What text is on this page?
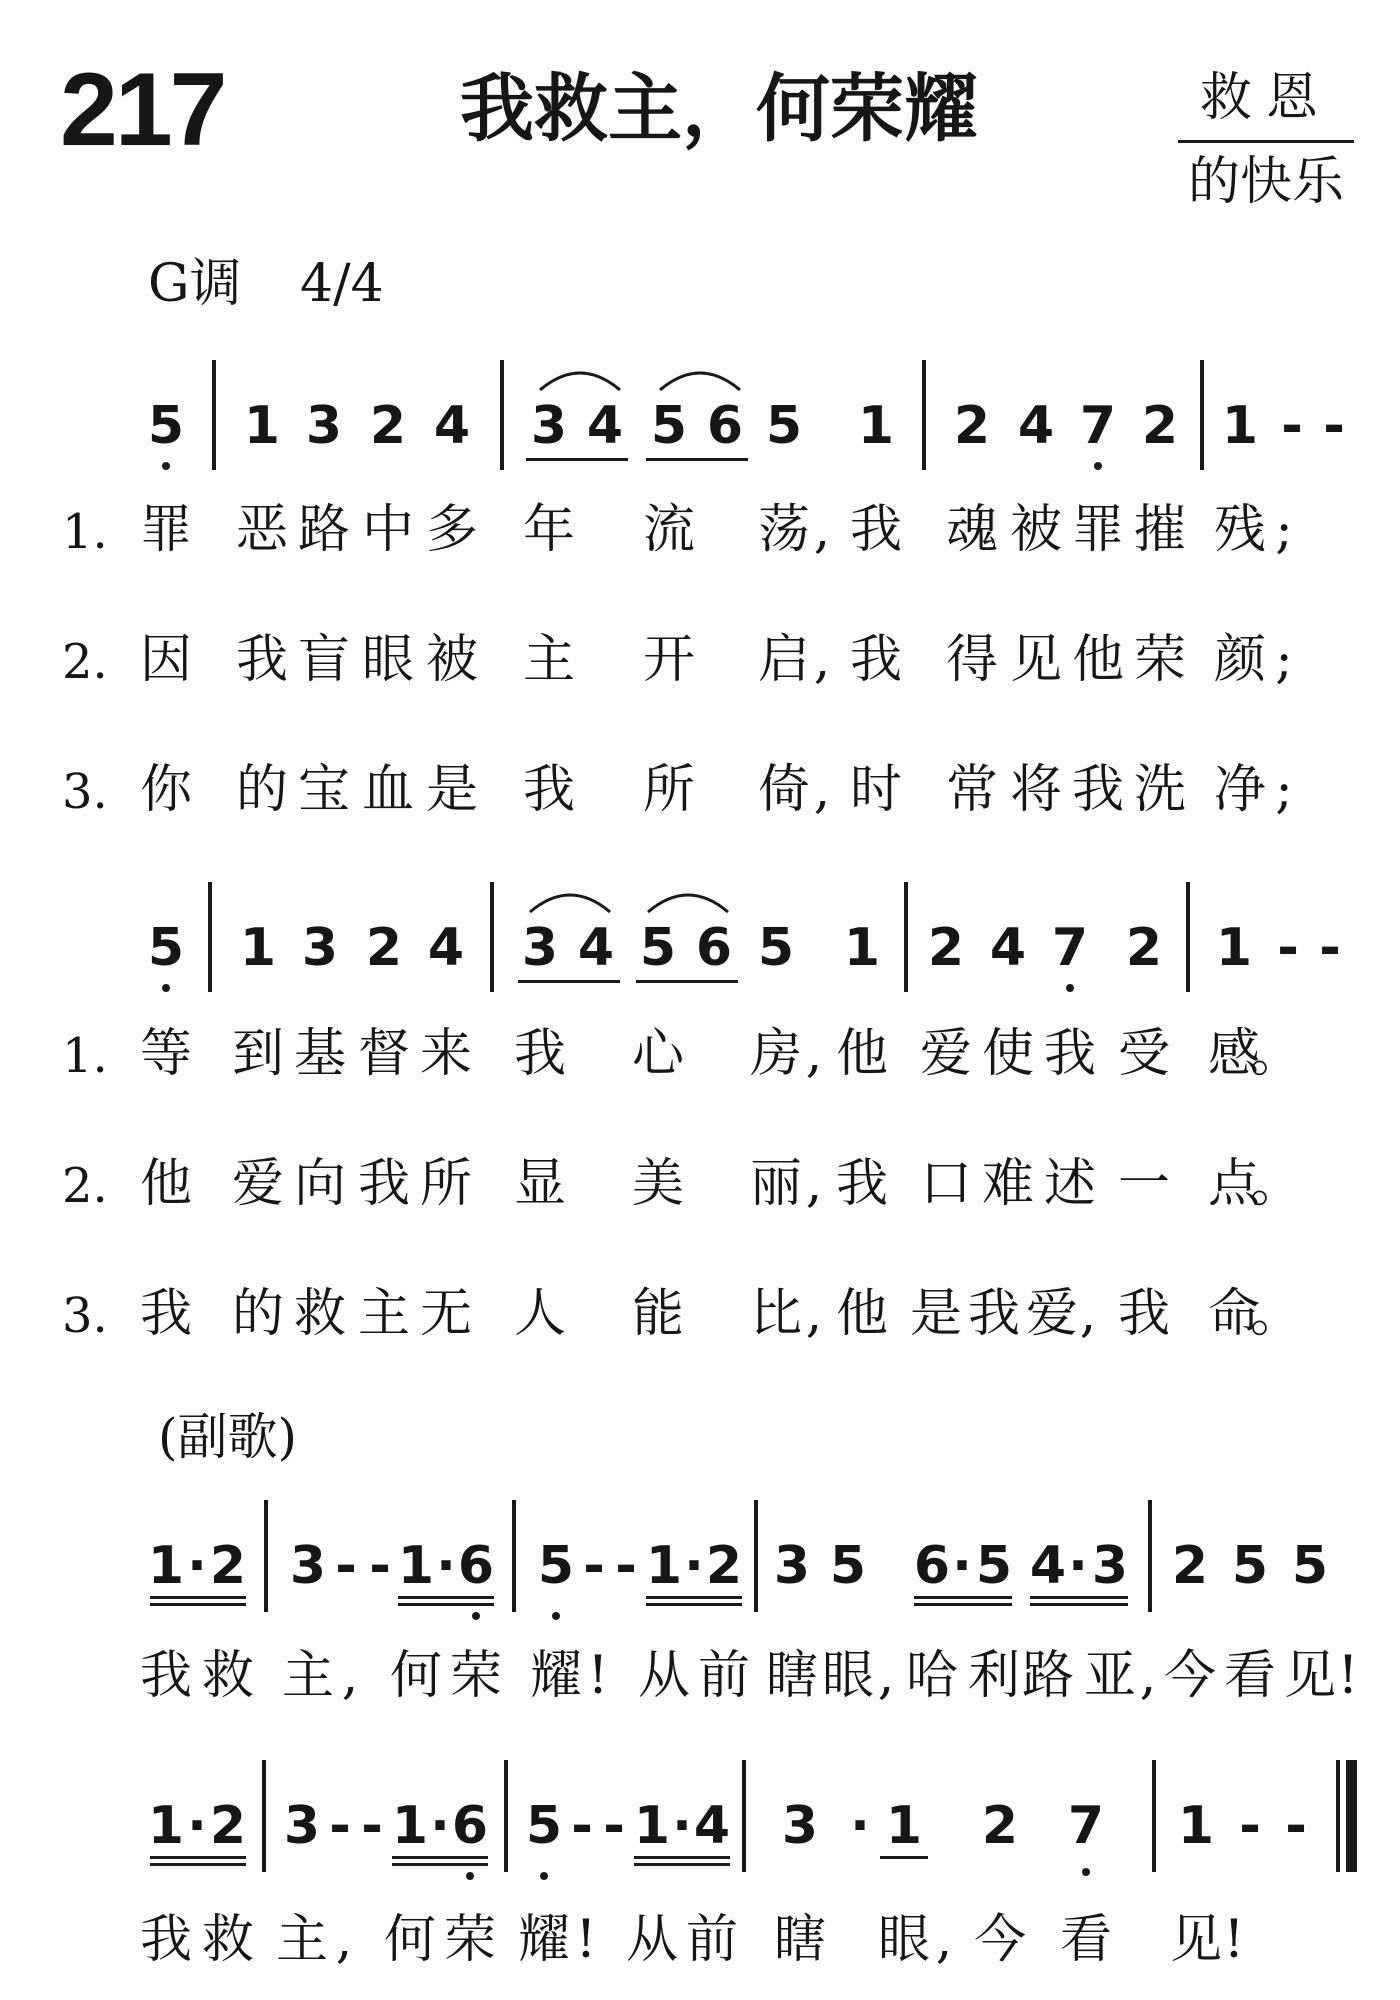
217	我救主，何荣耀	救恩
的快乐
G调 4/4
5 1 3 2 4 3 4 5 6 5 1 2 4 7 2 1 - -
1. 罪 恶 路 中 多 年 流 荡 , 我 魂 被 罪 摧 残 ;
2. 因 我 盲 眼 被 主 开 启 , 我 得 见 他 荣 颜 ;
3. 你 的 宝 血 是 我 所 倚 , 时 常 将 我 洗 净 ;
5 1 3 2 4 3 4 5 6 5 1 2 4 7 2 1 - -
1. 等 到 基 督 来 我 心 房 , 他 爱 使 我 受 感
。
2. 他 爱 向 我 所 显 美 丽 , 我 口 难 述 一 点
。
3. 我 的 救 主 无 人 能 比 , 他 是 我 爱 , 我 命
。
(副歌)
1 · 2 3 - - 1 · 6 5 - - 1 · 2 3 5 6 · 5 4 · 3 2 5 5
我 救 主 , 何 荣 耀 ! 从 前 瞎 眼 , 哈 利 路 亚 , 今 看 见 !
1 · 2 3 - - 1 · 6 5 - - 1 · 4 3 · 1 2 7 1 - -
我 救 主 , 何 荣 耀 ! 从 前 瞎 眼 , 今 看 见 !
